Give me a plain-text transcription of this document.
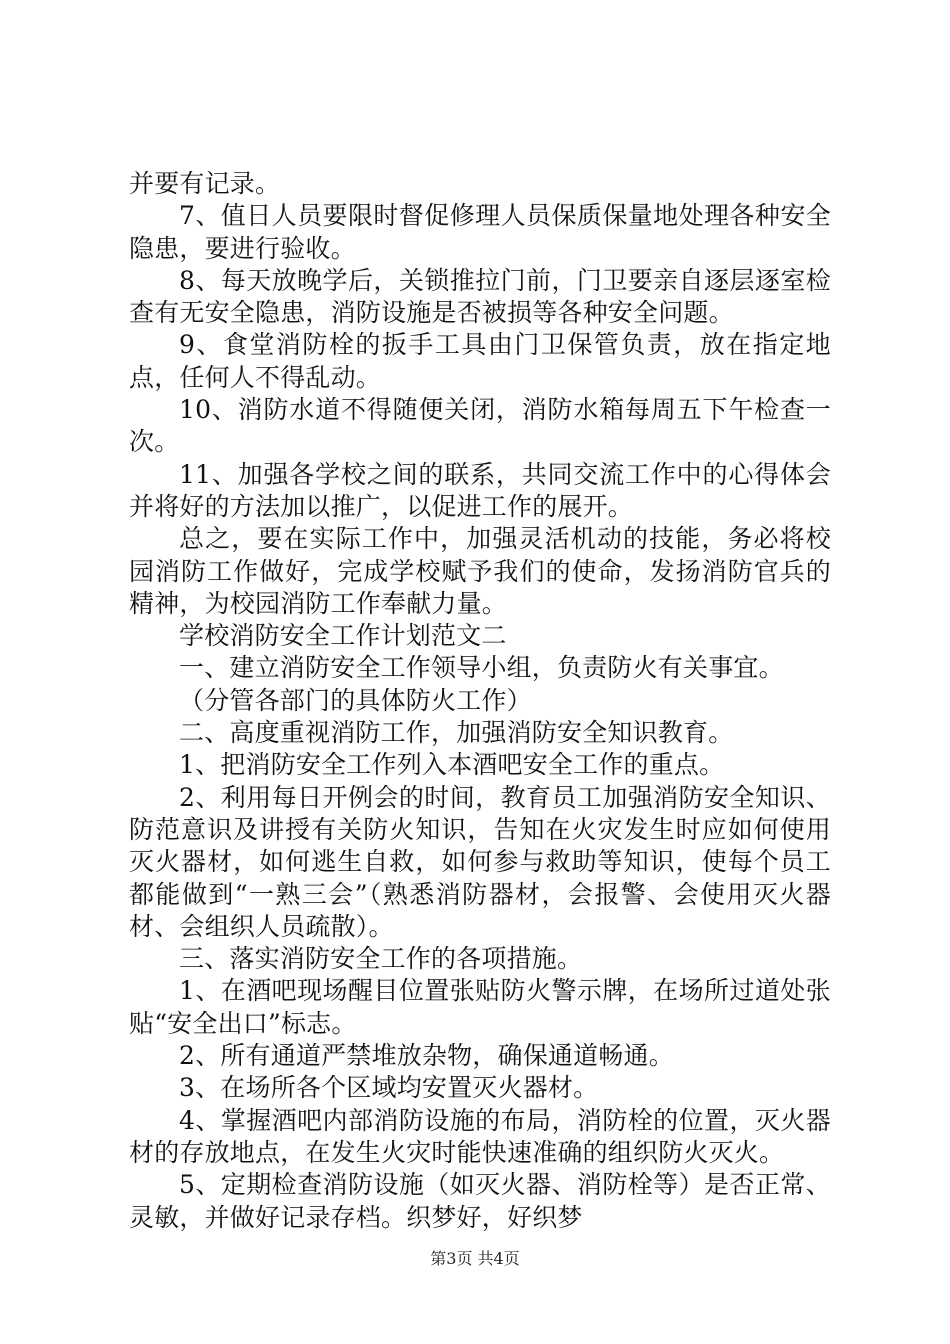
并要有记录。

7、值日人员要限时督促修理人员保质保量地处理各种安全隐患，要进行验收。

8、每天放晚学后，关锁推拉门前，门卫要亲自逐层逐室检查有无安全隐患，消防设施是否被损等各种安全问题。

9、食堂消防栓的扳手工具由门卫保管负责，放在指定地点，任何人不得乱动。

10、消防水道不得随便关闭，消防水箱每周五下午检查一次。

11、加强各学校之间的联系，共同交流工作中的心得体会并将好的方法加以推广，以促进工作的展开。

总之，要在实际工作中，加强灵活机动的技能，务必将校园消防工作做好，完成学校赋予我们的使命，发扬消防官兵的精神，为校园消防工作奉献力量。

学校消防安全工作计划范文二

一、建立消防安全工作领导小组，负责防火有关事宜。

（分管各部门的具体防火工作）

二、高度重视消防工作，加强消防安全知识教育。

1、把消防安全工作列入本酒吧安全工作的重点。

2、利用每日开例会的时间，教育员工加强消防安全知识、防范意识及讲授有关防火知识，告知在火灾发生时应如何使用灭火器材，如何逃生自救，如何参与救助等知识，使每个员工都能做到“一熟三会”（熟悉消防器材，会报警、会使用灭火器材、会组织人员疏散）。

三、落实消防安全工作的各项措施。

1、在酒吧现场醒目位置张贴防火警示牌，在场所过道处张贴“安全出口”标志。

2、所有通道严禁堆放杂物，确保通道畅通。

3、在场所各个区域均安置灭火器材。

4、掌握酒吧内部消防设施的布局，消防栓的位置，灭火器材的存放地点，在发生火灾时能快速准确的组织防火灭火。

5、定期检查消防设施（如灭火器、消防栓等）是否正常、灵敏，并做好记录存档。织梦好，好织梦

第3页 共4页
